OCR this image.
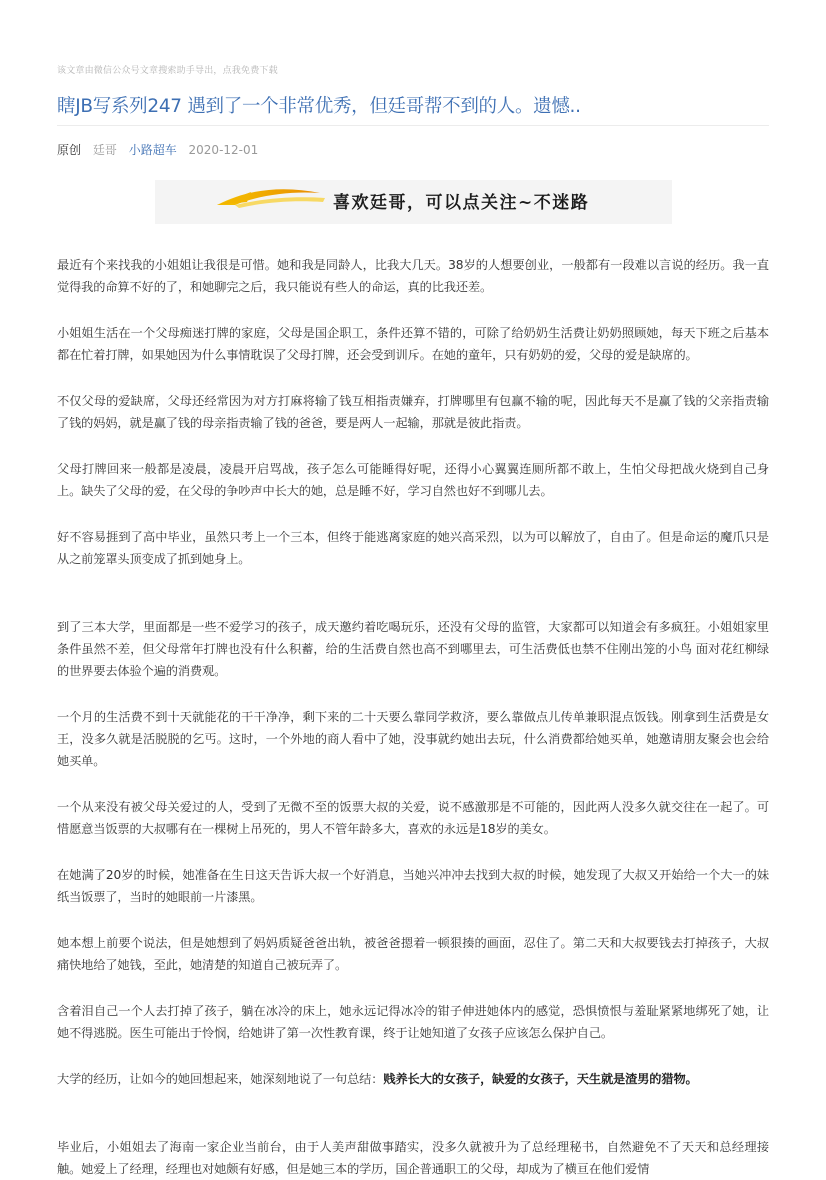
该文章由微信公众号文章搜索助手导出，点我免费下载
瞎JB写系列247 遇到了一个非常优秀，但廷哥帮不到的人。遗憾..
原创 廷哥 小路超车 2020-12-01
喜欢廷哥，可以点关注~不迷路

最近有个来找我的小姐姐让我很是可惜。她和我是同龄人，比我大几天。38岁的人想要创业，一般都有一段难以言说的经历。我一直觉得我的命算不好的了，和她聊完之后，我只能说有些人的命运，真的比我还差。

小姐姐生活在一个父母痴迷打牌的家庭，父母是国企职工，条件还算不错的，可除了给奶奶生活费让奶奶照顾她，每天下班之后基本都在忙着打牌，如果她因为什么事情耽误了父母打牌，还会受到训斥。在她的童年，只有奶奶的爱，父母的爱是缺席的。

不仅父母的爱缺席，父母还经常因为对方打麻将输了钱互相指责嫌弃，打牌哪里有包赢不输的呢，因此每天不是赢了钱的父亲指责输了钱的妈妈，就是赢了钱的母亲指责输了钱的爸爸，要是两人一起输，那就是彼此指责。

父母打牌回来一般都是凌晨，凌晨开启骂战，孩子怎么可能睡得好呢，还得小心翼翼连厕所都不敢上，生怕父母把战火烧到自己身上。缺失了父母的爱，在父母的争吵声中长大的她，总是睡不好，学习自然也好不到哪儿去。

好不容易捱到了高中毕业，虽然只考上一个三本，但终于能逃离家庭的她兴高采烈，以为可以解放了，自由了。但是命运的魔爪只是从之前笼罩头顶变成了抓到她身上。

到了三本大学，里面都是一些不爱学习的孩子，成天邀约着吃喝玩乐，还没有父母的监管，大家都可以知道会有多疯狂。小姐姐家里条件虽然不差，但父母常年打牌也没有什么积蓄，给的生活费自然也高不到哪里去，可生活费低也禁不住刚出笼的小鸟 面对花红柳绿的世界要去体验个遍的消费观。

一个月的生活费不到十天就能花的干干净净，剩下来的二十天要么靠同学救济，要么靠做点儿传单兼职混点饭钱。刚拿到生活费是女王，没多久就是活脱脱的乞丐。这时，一个外地的商人看中了她，没事就约她出去玩，什么消费都给她买单，她邀请朋友聚会也会给她买单。

一个从来没有被父母关爱过的人，受到了无微不至的饭票大叔的关爱，说不感激那是不可能的，因此两人没多久就交往在一起了。可惜愿意当饭票的大叔哪有在一棵树上吊死的，男人不管年龄多大，喜欢的永远是18岁的美女。

在她满了20岁的时候，她准备在生日这天告诉大叔一个好消息，当她兴冲冲去找到大叔的时候，她发现了大叔又开始给一个大一的妹纸当饭票了，当时的她眼前一片漆黑。

她本想上前要个说法，但是她想到了妈妈质疑爸爸出轨，被爸爸摁着一顿狠揍的画面，忍住了。第二天和大叔要钱去打掉孩子，大叔痛快地给了她钱，至此，她清楚的知道自己被玩弄了。

含着泪自己一个人去打掉了孩子，躺在冰冷的床上，她永远记得冰冷的钳子伸进她体内的感觉，恐惧愤恨与羞耻紧紧地绑死了她，让她不得逃脱。医生可能出于怜悯，给她讲了第一次性教育课，终于让她知道了女孩子应该怎么保护自己。

大学的经历，让如今的她回想起来，她深刻地说了一句总结：贱养长大的女孩子，缺爱的女孩子，天生就是渣男的猎物。

毕业后，小姐姐去了海南一家企业当前台，由于人美声甜做事踏实，没多久就被升为了总经理秘书，自然避免不了天天和总经理接触。她爱上了经理，经理也对她颇有好感，但是她三本的学历，国企普通职工的父母，却成为了横亘在他们爱情
